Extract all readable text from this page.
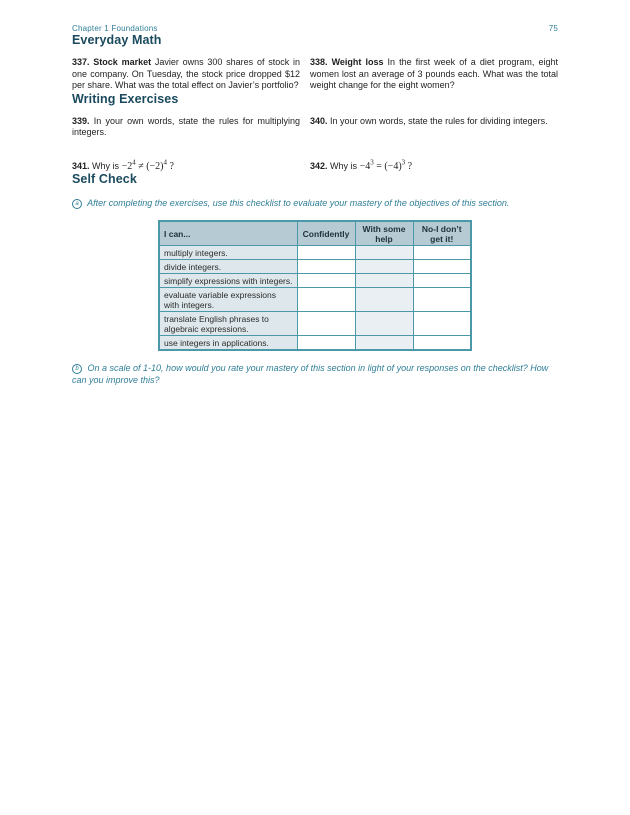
Chapter 1 Foundations	75
Everyday Math

337. Stock market Javier owns 300 shares of stock in one company. On Tuesday, the stock price dropped $12 per share. What was the total effect on Javier’s portfolio?

338. Weight loss In the first week of a diet program, eight women lost an average of 3 pounds each. What was the total weight change for the eight women?

Writing Exercises

339. In your own words, state the rules for multiplying integers.

340. In your own words, state the rules for dividing integers.

341. Why is $-2^4 \ne (-2)^4$ ?	342. Why is $-4^3 = (-4)^3$ ?

Self Check

a After completing the exercises, use this checklist to evaluate your mastery of the objectives of this section.

I can...	Confidently	With some help	No-I don’t get it!
multiply integers.			
divide integers.			
simplify expressions with integers.			
evaluate variable expressions with integers.			
translate English phrases to algebraic expressions.			
use integers in applications.			

b On a scale of 1-10, how would you rate your mastery of this section in light of your responses on the checklist? How can you improve this?
